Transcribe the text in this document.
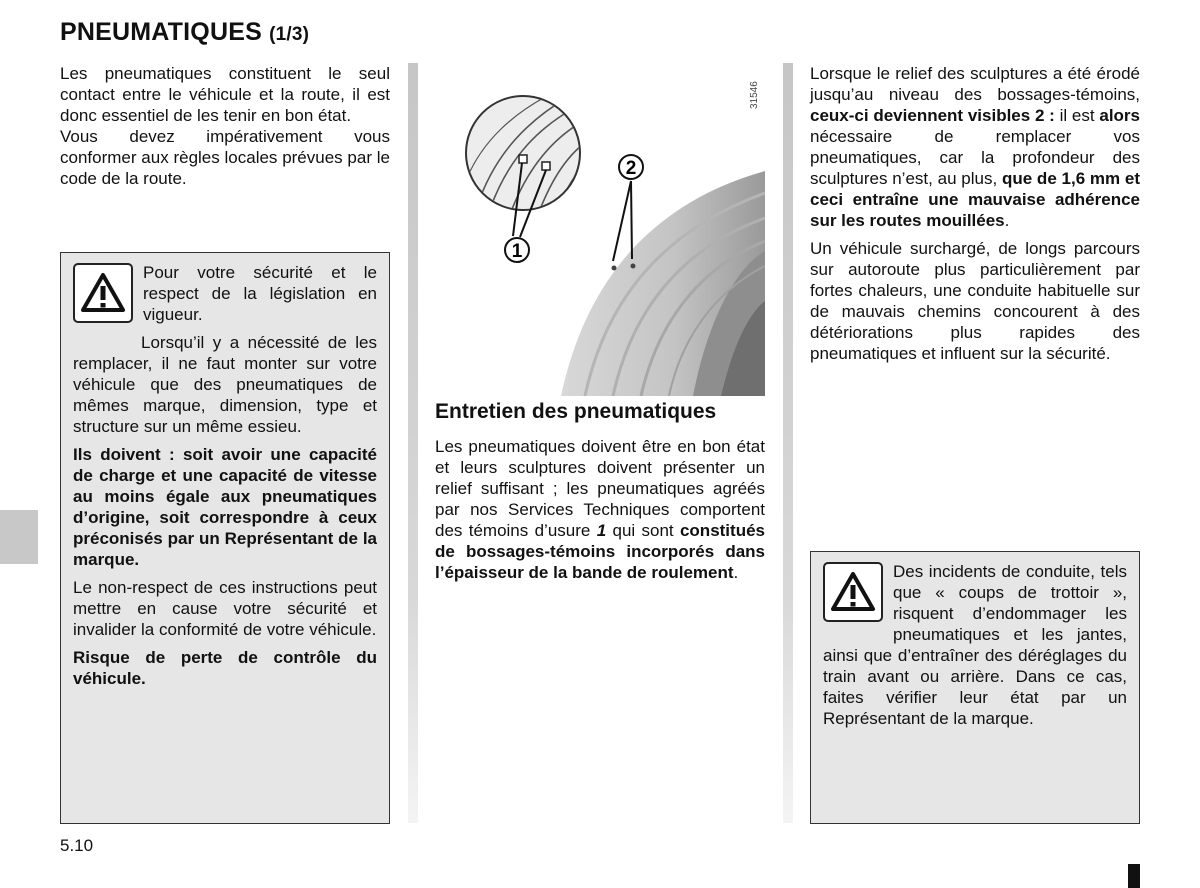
PNEUMATIQUES (1/3)

Les pneumatiques constituent le seul contact entre le véhicule et la route, il est donc essentiel de les tenir en bon état.

Vous devez impérativement vous conformer aux règles locales prévues par le code de la route.

Pour votre sécurité et le respect de la législation en vigueur.

Lorsqu’il y a nécessité de les remplacer, il ne faut monter sur votre véhicule que des pneumatiques de mêmes marque, dimension, type et structure sur un même essieu.

Ils doivent : soit avoir une capacité de charge et une capacité de vitesse au moins égale aux pneumatiques d’origine, soit correspondre à ceux préconisés par un Représentant de la marque.

Le non-respect de ces instructions peut mettre en cause votre sécurité et invalider la conformité de votre véhicule.

Risque de perte de contrôle du véhicule.

1
2
31546
Entretien des pneumatiques

Les pneumatiques doivent être en bon état et leurs sculptures doivent présenter un relief suffisant ; les pneumatiques agréés par nos Services Techniques comportent des témoins d’usure 1 qui sont constitués de bossages-témoins incorporés dans l’épaisseur de la bande de roulement.

Lorsque le relief des sculptures a été érodé jusqu’au niveau des bossages-témoins, ceux-ci deviennent visibles 2 : il est alors nécessaire de remplacer vos pneumatiques, car la profondeur des sculptures n’est, au plus, que de 1,6 mm et ceci entraîne une mauvaise adhérence sur les routes mouillées.

Un véhicule surchargé, de longs parcours sur autoroute plus particulièrement par fortes chaleurs, une conduite habituelle sur de mauvais chemins concourent à des détériorations plus rapides des pneumatiques et influent sur la sécurité.

Des incidents de conduite, tels que « coups de trottoir », risquent d’endommager les pneumatiques et les jantes, ainsi que d’entraîner des déréglages du train avant ou arrière. Dans ce cas, faites vérifier leur état par un Représentant de la marque.

5.10
